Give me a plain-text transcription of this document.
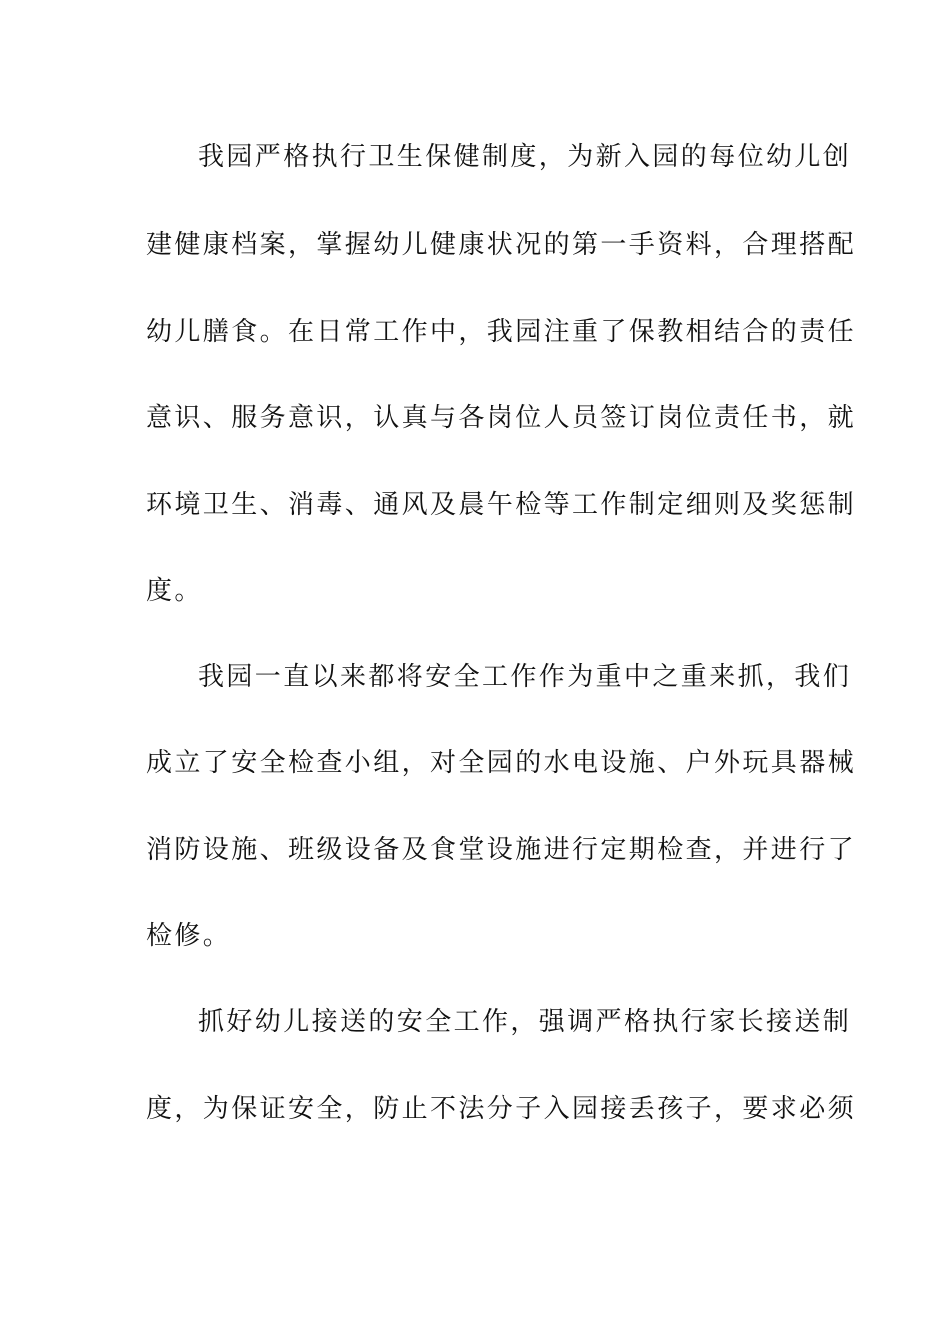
我园严格执行卫生保健制度，为新入园的每位幼儿创

建健康档案，掌握幼儿健康状况的第一手资料，合理搭配

幼儿膳食。在日常工作中，我园注重了保教相结合的责任

意识、服务意识，认真与各岗位人员签订岗位责任书，就

环境卫生、消毒、通风及晨午检等工作制定细则及奖惩制

度。

我园一直以来都将安全工作作为重中之重来抓，我们

成立了安全检查小组，对全园的水电设施、户外玩具器械

消防设施、班级设备及食堂设施进行定期检查，并进行了

检修。

抓好幼儿接送的安全工作，强调严格执行家长接送制

度，为保证安全，防止不法分子入园接丢孩子，要求必须
